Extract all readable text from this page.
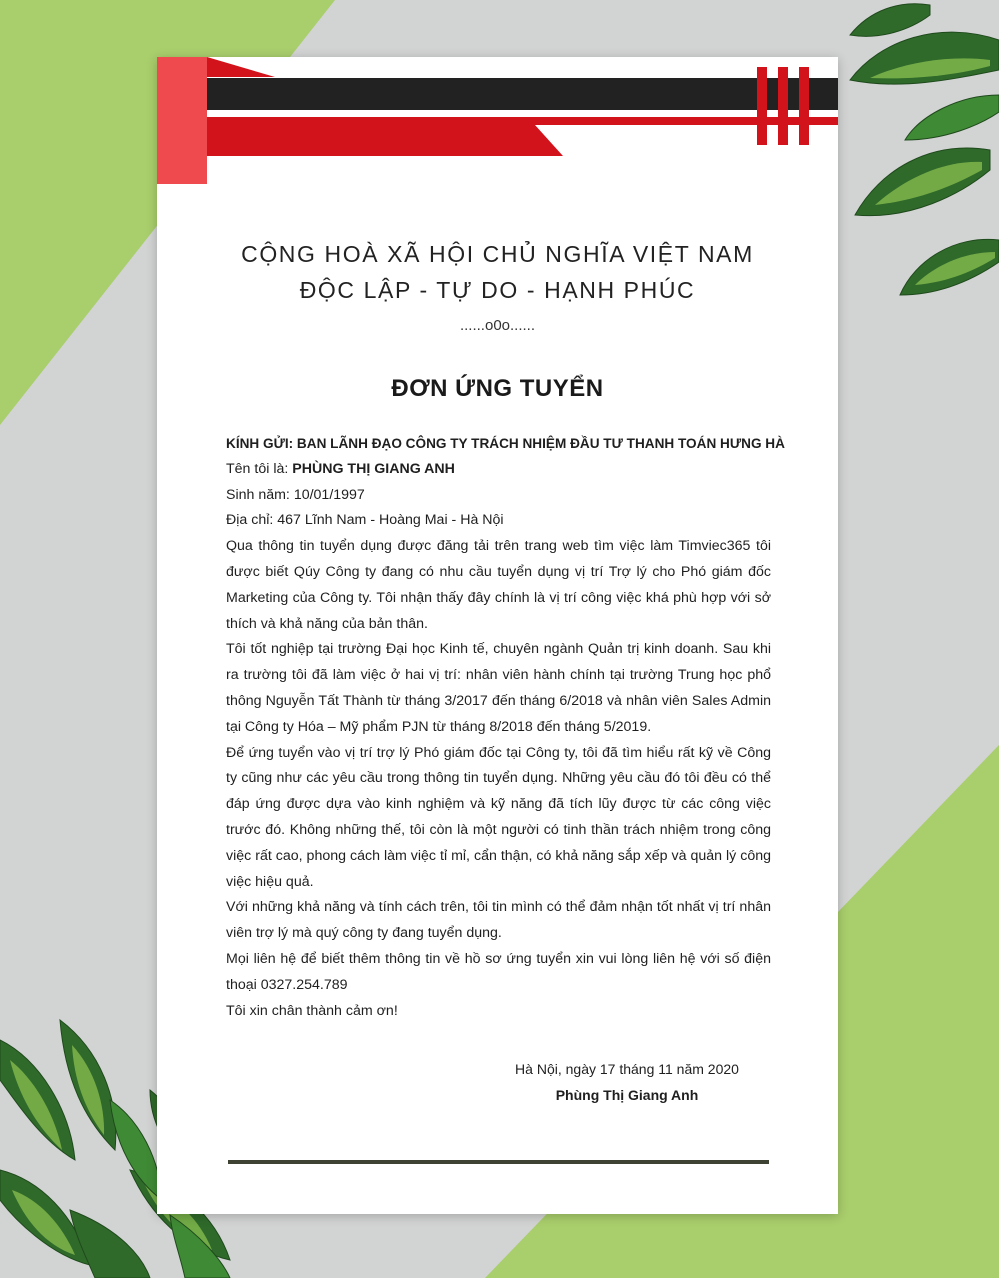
CỘNG HOÀ XÃ HỘI CHỦ NGHĨA VIỆT NAM
ĐỘC LẬP - TỰ DO - HẠNH PHÚC
......o0o......
ĐƠN ỨNG TUYỂN

KÍNH GỬI: BAN LÃNH ĐẠO CÔNG TY TRÁCH NHIỆM ĐẦU TƯ THANH TOÁN HƯNG HÀ

Tên tôi là: PHÙNG THỊ GIANG ANH

Sinh năm: 10/01/1997

Địa chỉ: 467 Lĩnh Nam - Hoàng Mai - Hà Nội

Qua thông tin tuyển dụng được đăng tải trên trang web tìm việc làm Timviec365 tôi được biết Qúy Công ty đang có nhu cầu tuyển dụng vị trí Trợ lý cho Phó giám đốc Marketing của Công ty. Tôi nhận thấy đây chính là vị trí công việc khá phù hợp với sở thích và khả năng của bản thân.

Tôi tốt nghiệp tại trường Đại học Kinh tế, chuyên ngành Quản trị kinh doanh. Sau khi ra trường tôi đã làm việc ở hai vị trí: nhân viên hành chính tại trường Trung học phổ thông Nguyễn Tất Thành từ tháng 3/2017 đến tháng 6/2018 và nhân viên Sales Admin tại Công ty Hóa – Mỹ phẩm PJN từ tháng 8/2018 đến tháng 5/2019.

Để ứng tuyển vào vị trí trợ lý Phó giám đốc tại Công ty, tôi đã tìm hiểu rất kỹ về Công ty cũng như các yêu cầu trong thông tin tuyển dụng. Những yêu cầu đó tôi đều có thể đáp ứng được dựa vào kinh nghiệm và kỹ năng đã tích lũy được từ các công việc trước đó. Không những thế, tôi còn là một người có tinh thần trách nhiệm trong công việc rất cao, phong cách làm việc tỉ mỉ, cẩn thận, có khả năng sắp xếp và quản lý công việc hiệu quả.

Với những khả năng và tính cách trên, tôi tin mình có thể đảm nhận tốt nhất vị trí nhân viên trợ lý mà quý công ty đang tuyển dụng.

Mọi liên hệ để biết thêm thông tin về hồ sơ ứng tuyển xin vui lòng liên hệ với số điện thoại 0327.254.789

Tôi xin chân thành cảm ơn!

Hà Nội, ngày 17 tháng 11 năm 2020
Phùng Thị Giang Anh
